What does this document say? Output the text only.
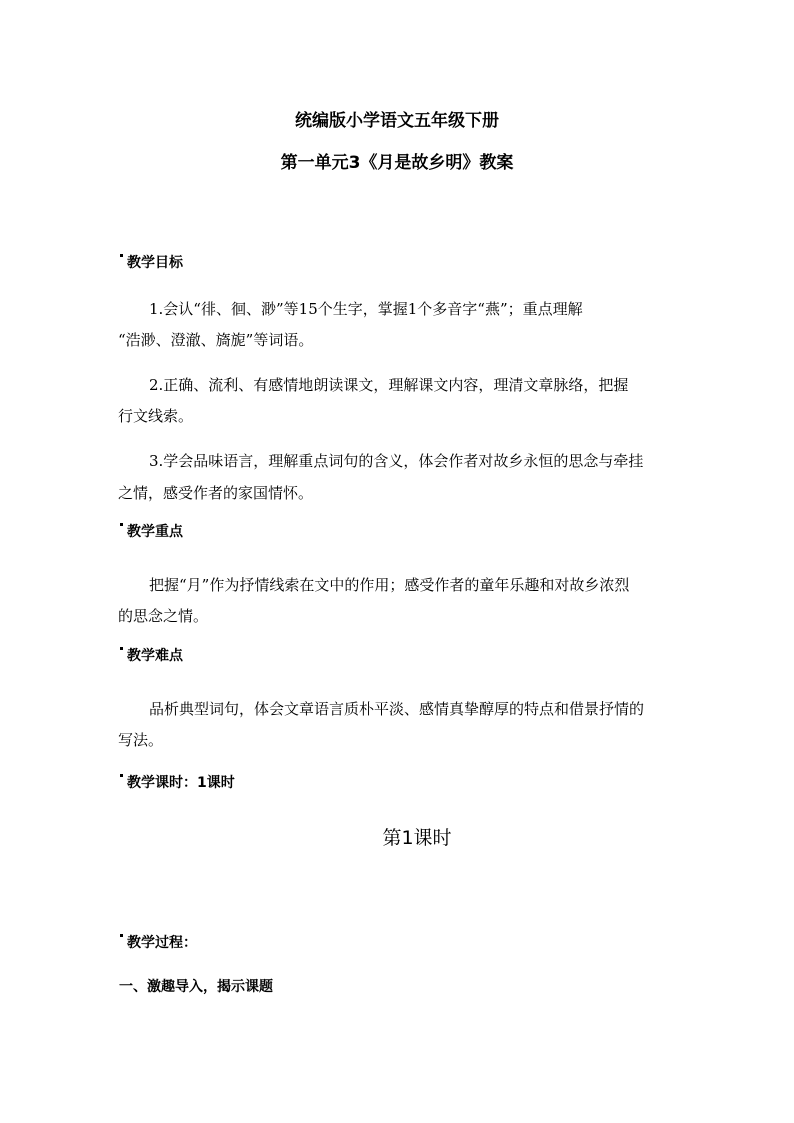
统编版小学语文五年级下册
第一单元3《月是故乡明》教案
教学目标
1.会认“徘、徊、渺”等15个生字，掌握1个多音字“燕”；重点理解
“浩渺、澄澈、旖旎”等词语。
2.正确、流利、有感情地朗读课文，理解课文内容，理清文章脉络，把握
行文线索。
3.学会品味语言，理解重点词句的含义，体会作者对故乡永恒的思念与牵挂
之情，感受作者的家国情怀。
教学重点
把握“月”作为抒情线索在文中的作用；感受作者的童年乐趣和对故乡浓烈
的思念之情。
教学难点
品析典型词句，体会文章语言质朴平淡、感情真挚醇厚的特点和借景抒情的
写法。
教学课时：1课时
第1课时
教学过程：
一、激趣导入，揭示课题
